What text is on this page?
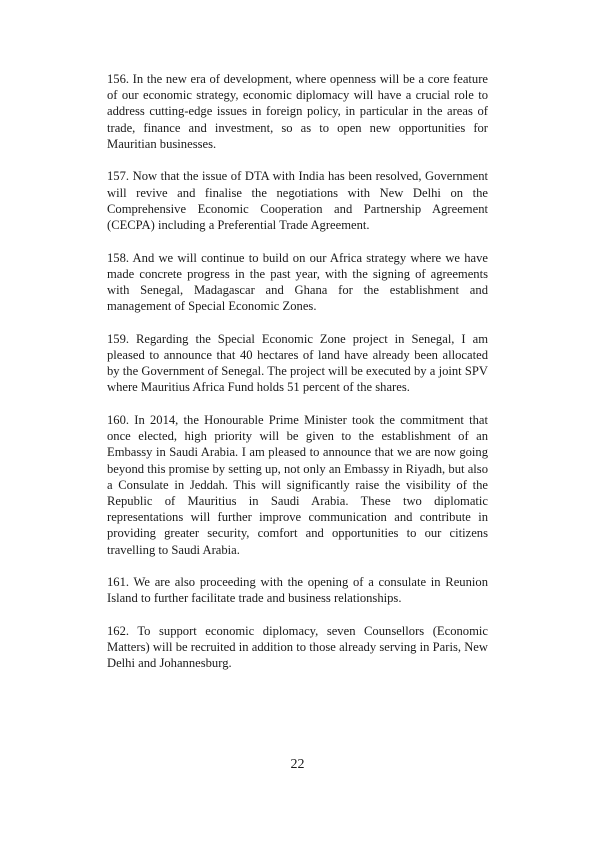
156. In the new era of development, where openness will be a core feature of our economic strategy, economic diplomacy will have a crucial role to address cutting-edge issues in foreign policy, in particular in the areas of trade, finance and investment, so as to open new opportunities for Mauritian businesses.

157. Now that the issue of DTA with India has been resolved, Government will revive and finalise the negotiations with New Delhi on the Comprehensive Economic Cooperation and Partnership Agreement (CECPA) including a Preferential Trade Agreement.

158. And we will continue to build on our Africa strategy where we have made concrete progress in the past year, with the signing of agreements with Senegal, Madagascar and Ghana for the establishment and management of Special Economic Zones.

159. Regarding the Special Economic Zone project in Senegal, I am pleased to announce that 40 hectares of land have already been allocated by the Government of Senegal. The project will be executed by a joint SPV where Mauritius Africa Fund holds 51 percent of the shares.

160. In 2014, the Honourable Prime Minister took the commitment that once elected, high priority will be given to the establishment of an Embassy in Saudi Arabia. I am pleased to announce that we are now going beyond this promise by setting up, not only an Embassy in Riyadh, but also a Consulate in Jeddah. This will significantly raise the visibility of the Republic of Mauritius in Saudi Arabia. These two diplomatic representations will further improve communication and contribute in providing greater security, comfort and opportunities to our citizens travelling to Saudi Arabia.

161. We are also proceeding with the opening of a consulate in Reunion Island to further facilitate trade and business relationships.

162. To support economic diplomacy, seven Counsellors (Economic Matters) will be recruited in addition to those already serving in Paris, New Delhi and Johannesburg.

22
